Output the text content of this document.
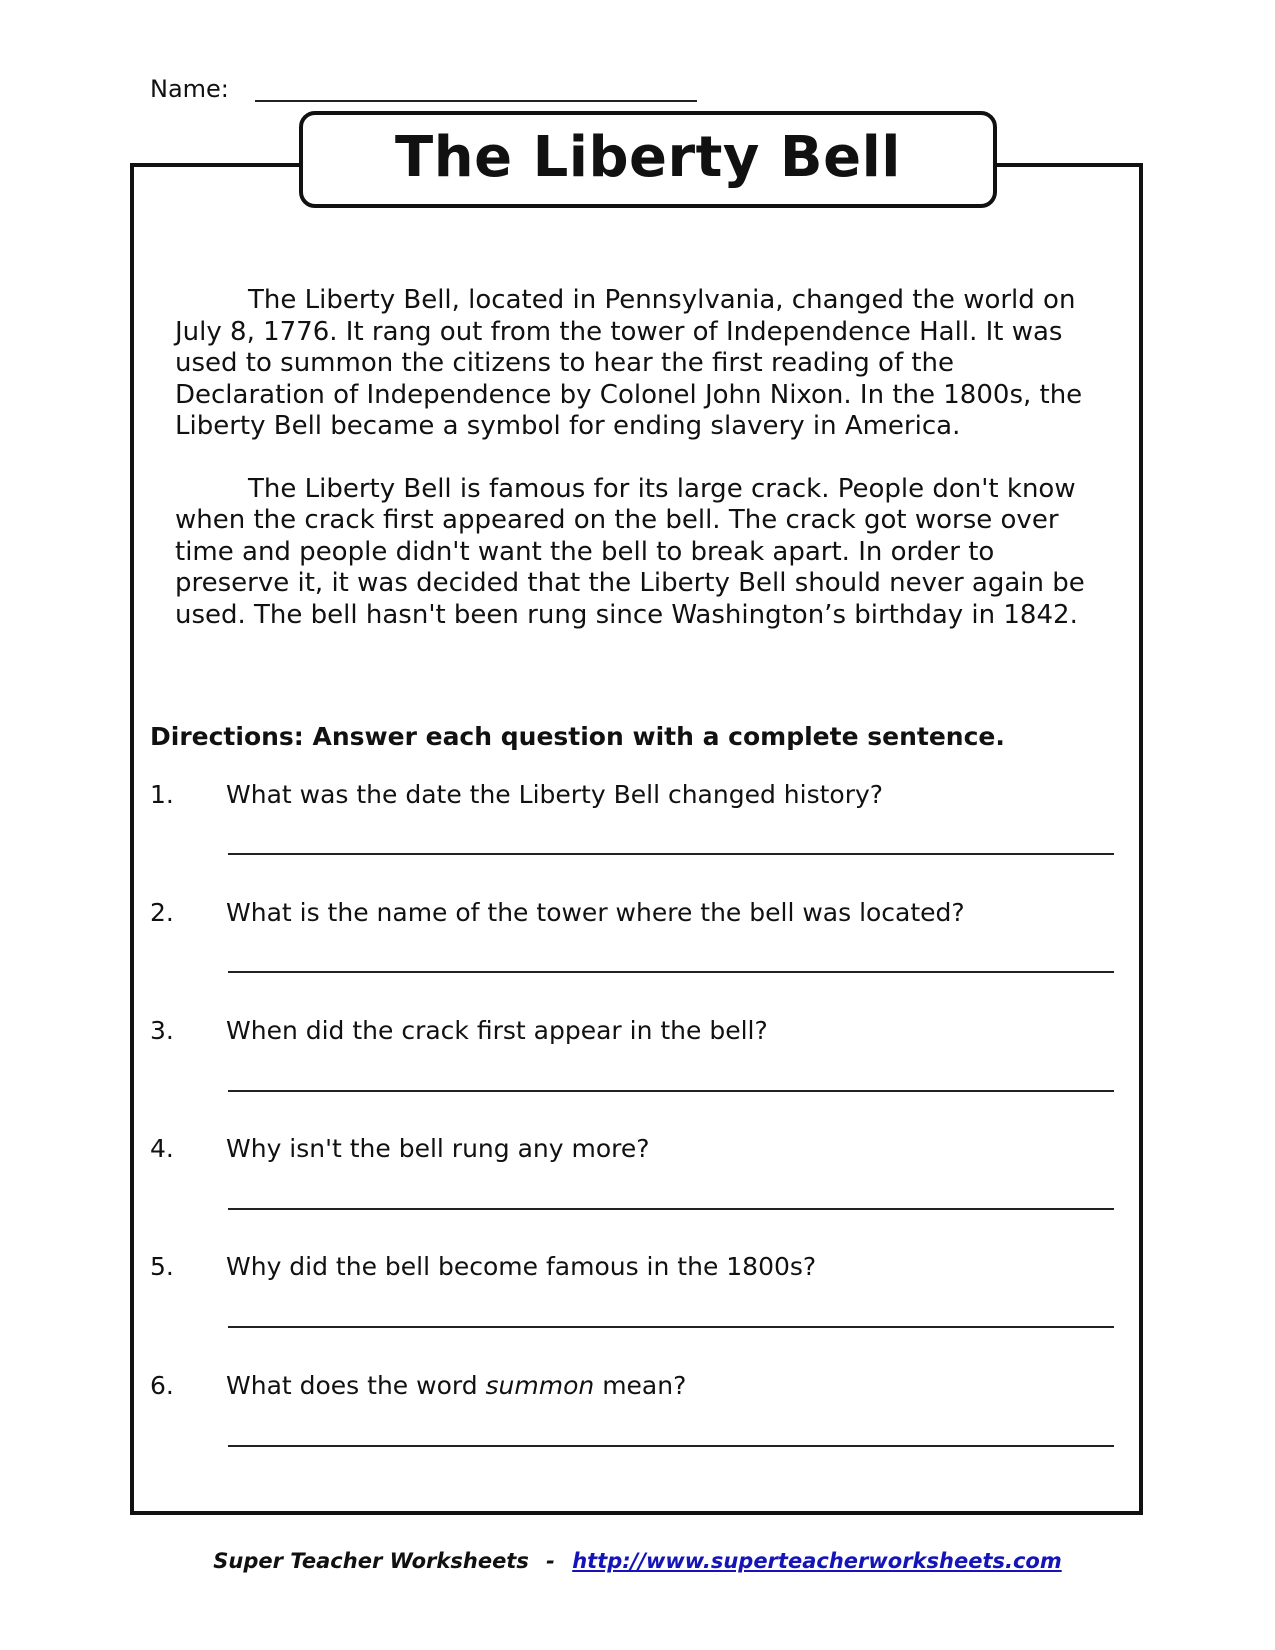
Name:
The Liberty Bell

The Liberty Bell, located in Pennsylvania, changed the world on July 8, 1776. It rang out from the tower of Independence Hall. It was used to summon the citizens to hear the first reading of the Declaration of Independence by Colonel John Nixon. In the 1800s, the Liberty Bell became a symbol for ending slavery in America.

The Liberty Bell is famous for its large crack. People don't know when the crack first appeared on the bell. The crack got worse over time and people didn't want the bell to break apart. In order to preserve it, it was decided that the Liberty Bell should never again be used. The bell hasn't been rung since Washington’s birthday in 1842.

Directions: Answer each question with a complete sentence.
1. What was the date the Liberty Bell changed history?
2. What is the name of the tower where the bell was located?
3. When did the crack first appear in the bell?
4. Why isn't the bell rung any more?
5. Why did the bell become famous in the 1800s?
6. What does the word summon mean?
Super Teacher Worksheets - http://www.superteacherworksheets.com
